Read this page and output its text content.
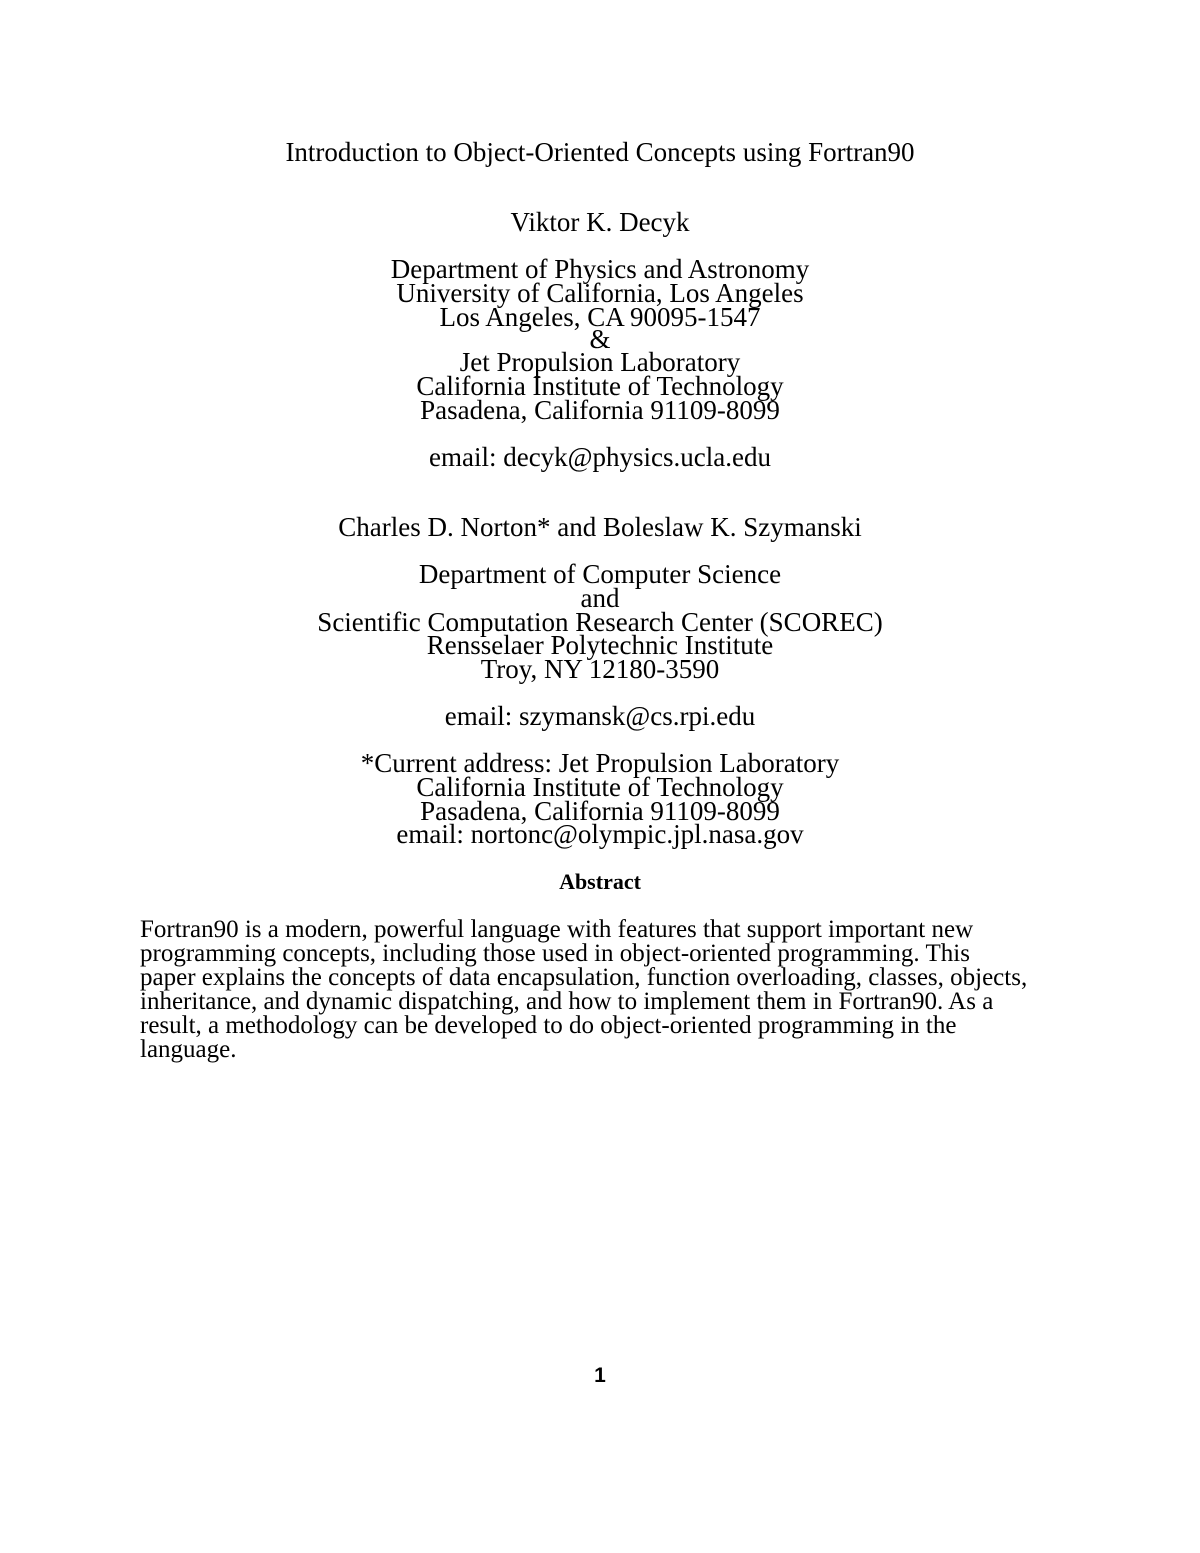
Introduction to Object-Oriented Concepts using Fortran90
Viktor K. Decyk
Department of Physics and Astronomy
University of California, Los Angeles
Los Angeles, CA 90095-1547
&
Jet Propulsion Laboratory
California Institute of Technology
Pasadena, California 91109-8099
email: decyk@physics.ucla.edu
Charles D. Norton* and Boleslaw K. Szymanski
Department of Computer Science
and
Scientific Computation Research Center (SCOREC)
Rensselaer Polytechnic Institute
Troy, NY 12180-3590
email: szymansk@cs.rpi.edu
*Current address: Jet Propulsion Laboratory
California Institute of Technology
Pasadena, California 91109-8099
email: nortonc@olympic.jpl.nasa.gov
Abstract
Fortran90 is a modern, powerful language with features that support important new
programming concepts, including those used in object-oriented programming. This
paper explains the concepts of data encapsulation, function overloading, classes, objects,
inheritance, and dynamic dispatching, and how to implement them in Fortran90. As a
result, a methodology can be developed to do object-oriented programming in the
language.
1
